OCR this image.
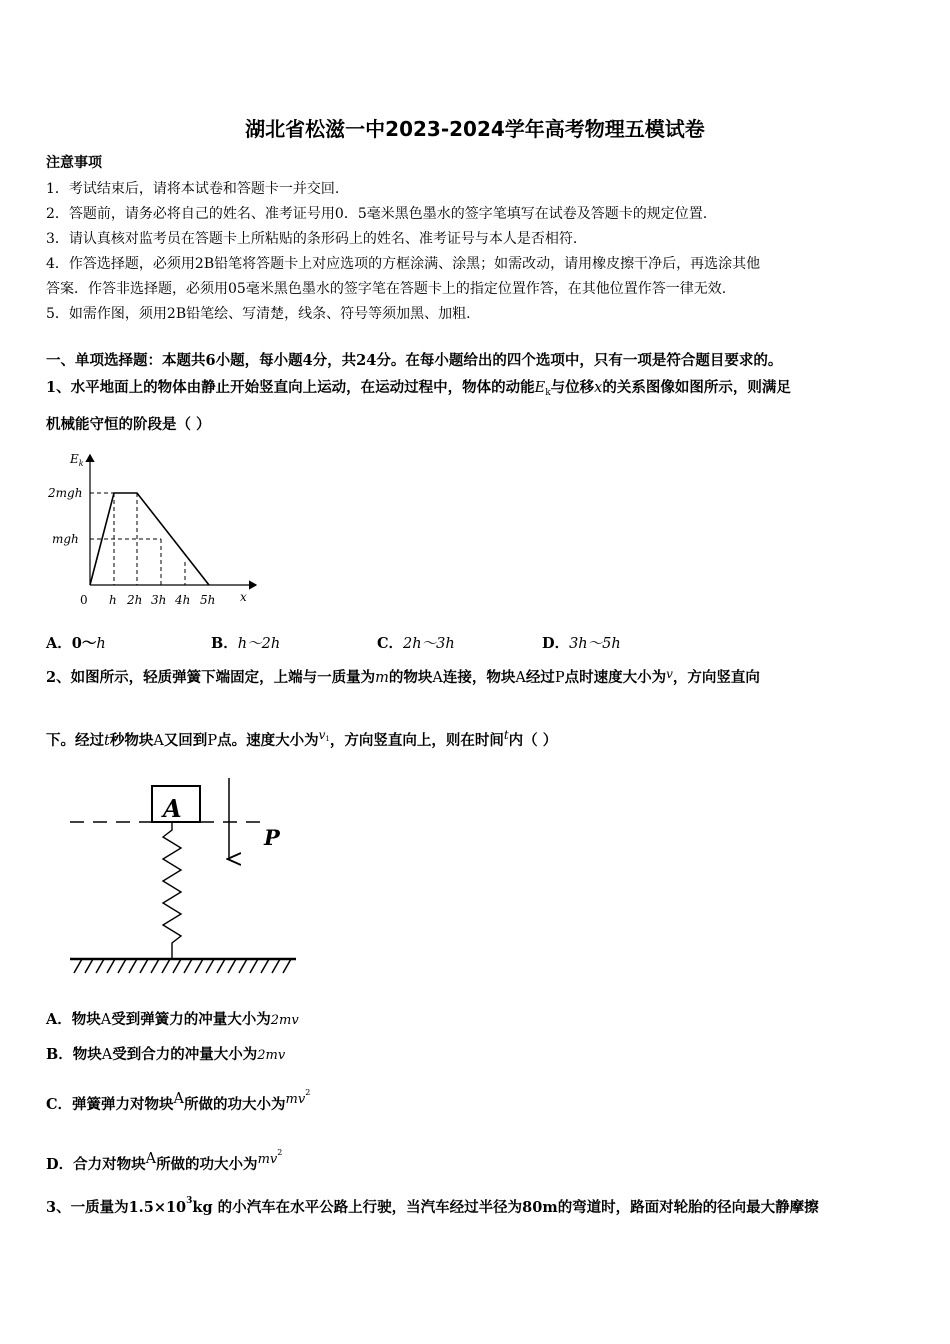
湖北省松滋一中2023-2024学年高考物理五模试卷
注意事项
1．考试结束后，请将本试卷和答题卡一并交回.
2．答题前，请务必将自己的姓名、准考证号用0．5毫米黑色墨水的签字笔填写在试卷及答题卡的规定位置.
3．请认真核对监考员在答题卡上所粘贴的条形码上的姓名、准考证号与本人是否相符.
4．作答选择题，必须用2B铅笔将答题卡上对应选项的方框涂满、涂黑；如需改动，请用橡皮擦干净后，再选涂其他
答案．作答非选择题，必须用05毫米黑色墨水的签字笔在答题卡上的指定位置作答，在其他位置作答一律无效.
5．如需作图，须用2B铅笔绘、写清楚，线条、符号等须加黑、加粗.
一、单项选择题：本题共6小题，每小题4分，共24分。在每小题给出的四个选项中，只有一项是符合题目要求的。
1、水平地面上的物体由静止开始竖直向上运动，在运动过程中，物体的动能$E_k$与位移x的关系图像如图所示，则满足
机械能守恒的阶段是（ ）
$E_k$
x
2mgh
mgh
0 h 2h 3h 4h 5h
A．0～h	B．h～2h	C．2h～3h	D．3h～5h
2、如图所示，轻质弹簧下端固定，上端与一质量为m的物块A连接，物块A经过P点时速度大小为$^v$，方向竖直向
下。经过t秒物块A又回到P点。速度大小为$^{v1}$，方向竖直向上，则在时间$^t$内（ ）
A
P
A．物块A受到弹簧力的冲量大小为2mv
B．物块A受到合力的冲量大小为2mv
C．弹簧弹力对物块A所做的功大小为$mv^2$
D．合力对物块A所做的功大小为$mv^2$
3、一质量为$1.5\times 10^3kg$ 的小汽车在水平公路上行驶，当汽车经过半径为80m的弯道时，路面对轮胎的径向最大静摩擦
